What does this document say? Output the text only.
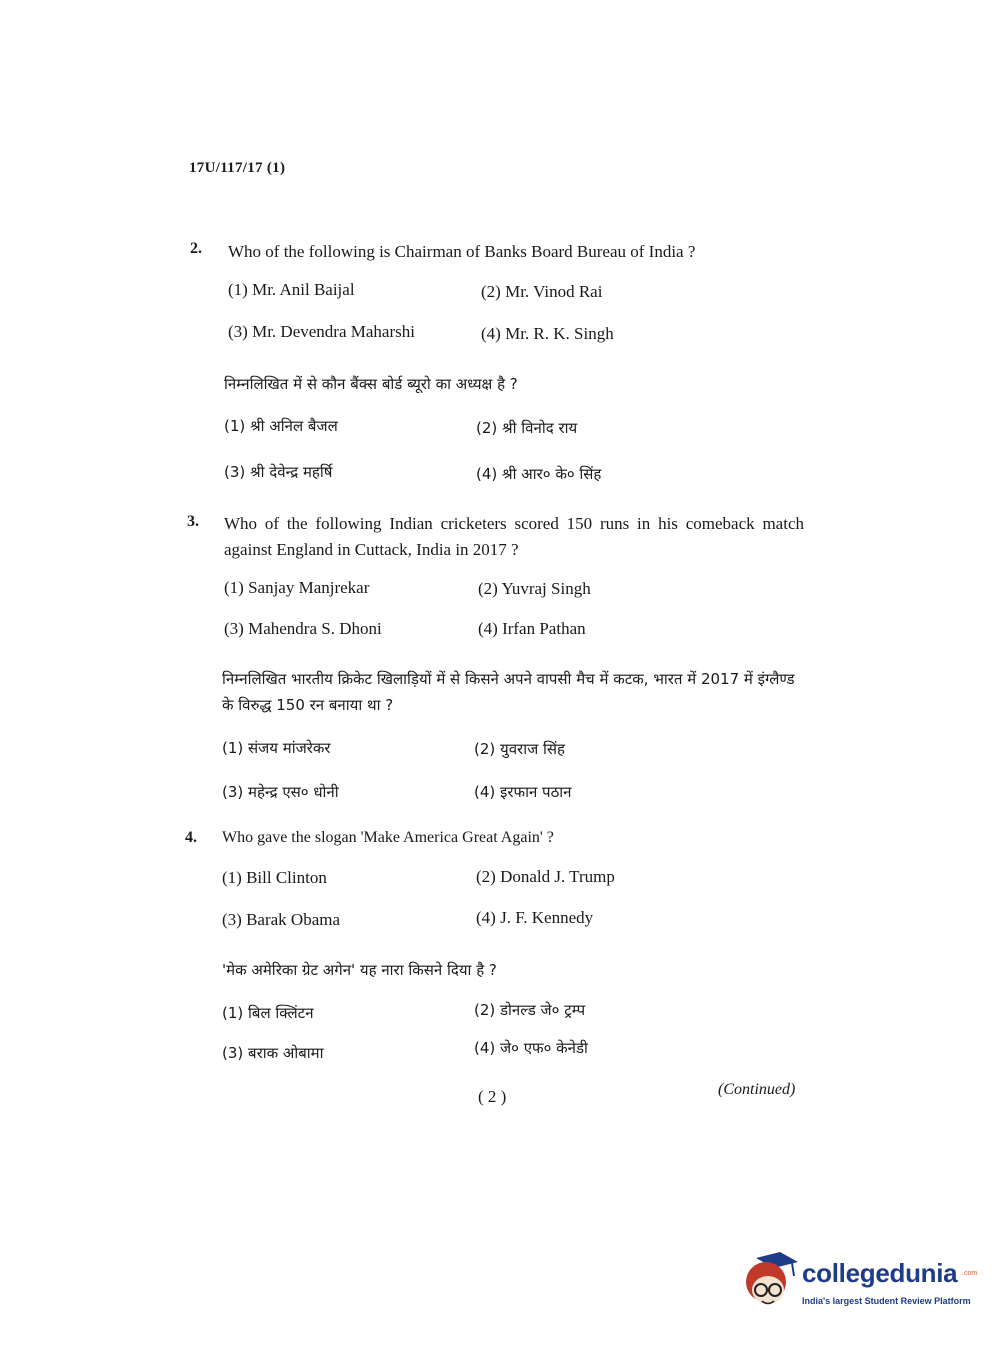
17U/117/17 (1)
2. Who of the following is Chairman of Banks Board Bureau of India ?
(1) Mr. Anil Baijal	(2) Mr. Vinod Rai
(3) Mr. Devendra Maharshi	(4) Mr. R. K. Singh
निम्नलिखित में से कौन बैंक्स बोर्ड ब्यूरो का अध्यक्ष है ?
(1) श्री अनिल बैजल	(2) श्री विनोद राय
(3) श्री देवेन्द्र महर्षि	(4) श्री आर० के० सिंह
3. Who of the following Indian cricketers scored 150 runs in his comeback match against England in Cuttack, India in 2017 ?
(1) Sanjay Manjrekar	(2) Yuvraj Singh
(3) Mahendra S. Dhoni	(4) Irfan Pathan
निम्नलिखित भारतीय क्रिकेट खिलाड़ियों में से किसने अपने वापसी मैच में कटक, भारत में 2017 में इंग्लैण्ड के विरुद्ध 150 रन बनाया था ?
(1) संजय मांजरेकर	(2) युवराज सिंह
(3) महेन्द्र एस० धोनी	(4) इरफान पठान
4. Who gave the slogan 'Make America Great Again' ?
(1) Bill Clinton	(2) Donald J. Trump
(3) Barak Obama	(4) J. F. Kennedy
'मेक अमेरिका ग्रेट अगेन' यह नारा किसने दिया है ?
(1) बिल क्लिंटन	(2) डोनल्ड जे० ट्रम्प
(3) बराक ओबामा	(4) जे० एफ० केनेडी
( 2 )	(Continued)
collegedunia .com
India's largest Student Review Platform
